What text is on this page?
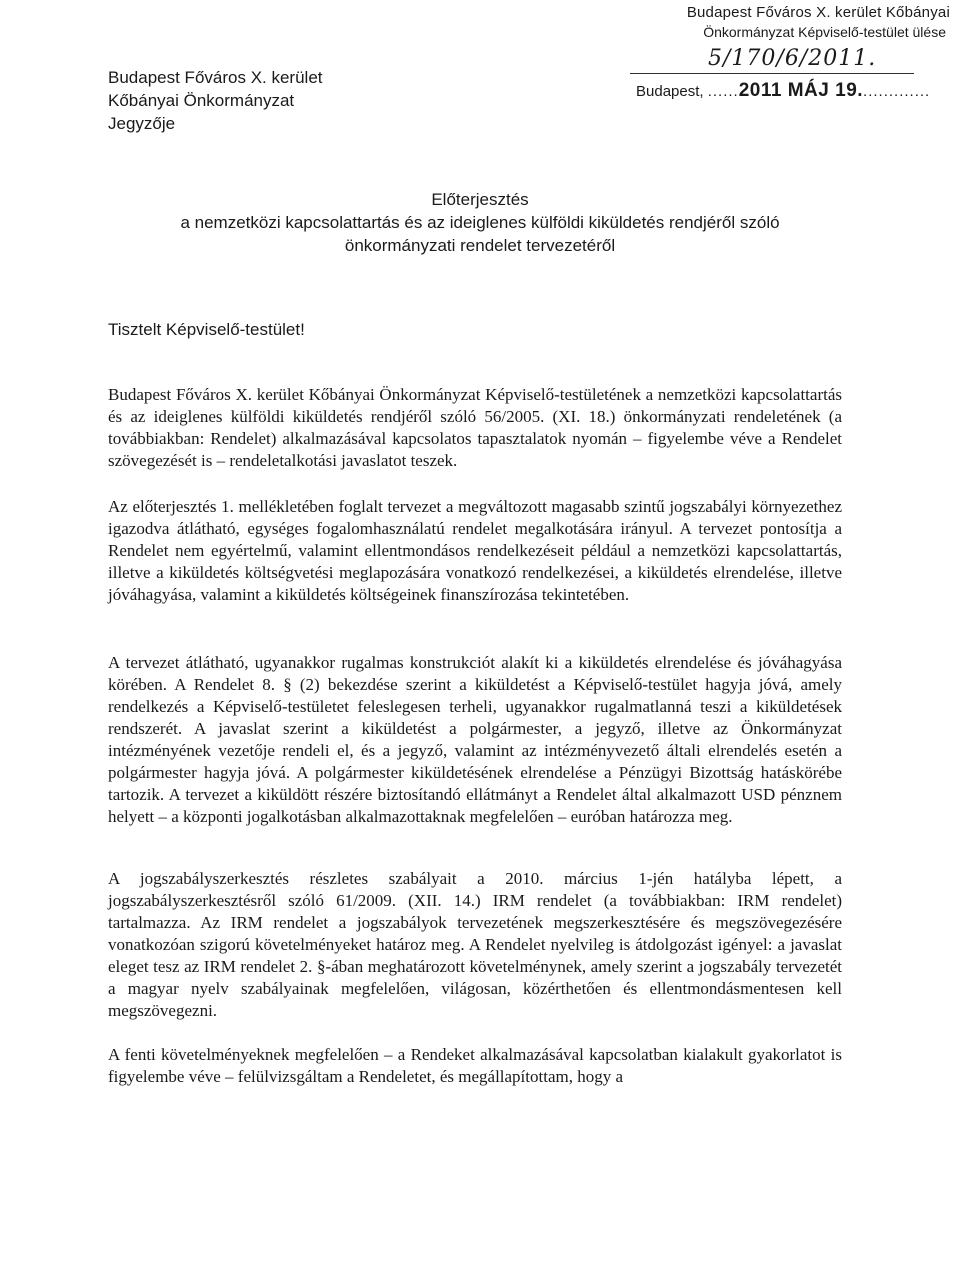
Budapest Főváros X. kerület
Kőbányai Önkormányzat
Jegyzője
Budapest Főváros X. kerület Kőbányai
Önkormányzat Képviselő-testület ülése
5/170/6/2011.
Budapest, ......2011 MÁJ 19..............
Előterjesztés
a nemzetközi kapcsolattartás és az ideiglenes külföldi kiküldetés rendjéről szóló
önkormányzati rendelet tervezetéről
Tisztelt Képviselő-testület!

Budapest Főváros X. kerület Kőbányai Önkormányzat Képviselő-testületének a nemzetközi kapcsolattartás és az ideiglenes külföldi kiküldetés rendjéről szóló 56/2005. (XI. 18.) önkormányzati rendeletének (a továbbiakban: Rendelet) alkalmazásával kapcsolatos tapasztalatok nyomán – figyelembe véve a Rendelet szövegezését is – rendeletalkotási javaslatot teszek.

Az előterjesztés 1. mellékletében foglalt tervezet a megváltozott magasabb szintű jogszabályi környezethez igazodva átlátható, egységes fogalomhasználatú rendelet megalkotására irányul. A tervezet pontosítja a Rendelet nem egyértelmű, valamint ellentmondásos rendelkezéseit például a nemzetközi kapcsolattartás, illetve a kiküldetés költségvetési meglapozására vonatkozó rendelkezései, a kiküldetés elrendelése, illetve jóváhagyása, valamint a kiküldetés költségeinek finanszírozása tekintetében.

A tervezet átlátható, ugyanakkor rugalmas konstrukciót alakít ki a kiküldetés elrendelése és jóváhagyása körében. A Rendelet 8. § (2) bekezdése szerint a kiküldetést a Képviselő-testület hagyja jóvá, amely rendelkezés a Képviselő-testületet feleslegesen terheli, ugyanakkor rugalmatlanná teszi a kiküldetések rendszerét. A javaslat szerint a kiküldetést a polgármester, a jegyző, illetve az Önkormányzat intézményének vezetője rendeli el, és a jegyző, valamint az intézményvezető általi elrendelés esetén a polgármester hagyja jóvá. A polgármester kiküldetésének elrendelése a Pénzügyi Bizottság hatáskörébe tartozik. A tervezet a kiküldött részére biztosítandó ellátmányt a Rendelet által alkalmazott USD pénznem helyett – a központi jogalkotásban alkalmazottaknak megfelelően – euróban határozza meg.

A jogszabályszerkesztés részletes szabályait a 2010. március 1-jén hatályba lépett, a jogszabályszerkesztésről szóló 61/2009. (XII. 14.) IRM rendelet (a továbbiakban: IRM rendelet) tartalmazza. Az IRM rendelet a jogszabályok tervezetének megszerkesztésére és megszövegezésére vonatkozóan szigorú követelményeket határoz meg. A Rendelet nyelvileg is átdolgozást igényel: a javaslat eleget tesz az IRM rendelet 2. §-ában meghatározott követelménynek, amely szerint a jogszabály tervezetét a magyar nyelv szabályainak megfelelően, világosan, közérthetően és ellentmondásmentesen kell megszövegezni.

A fenti követelményeknek megfelelően – a Rendeket alkalmazásával kapcsolatban kialakult gyakorlatot is figyelembe véve – felülvizsgáltam a Rendeletet, és megállapítottam, hogy a
